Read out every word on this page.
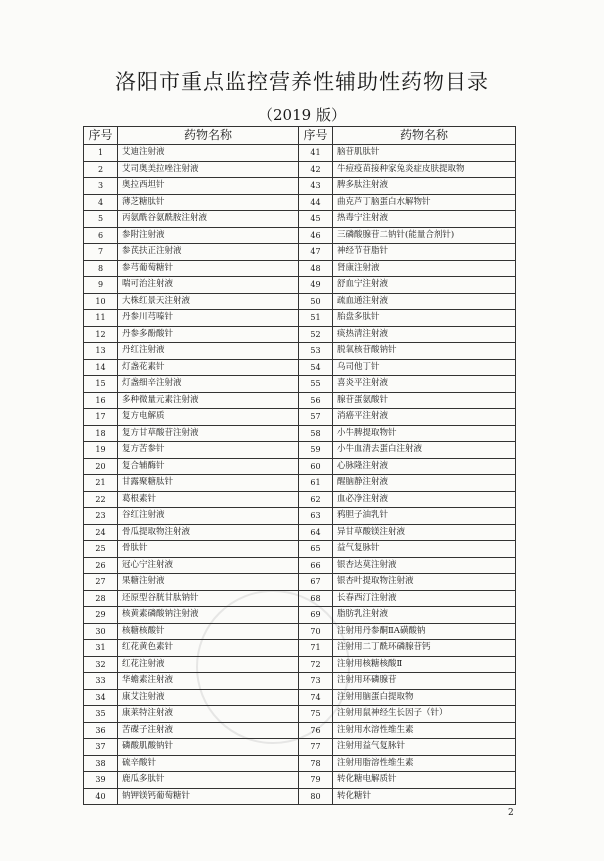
洛阳市重点监控营养性辅助性药物目录
（2019 版）
序号	药物名称	序号	药物名称
1	艾迪注射液	41	脑苷肌肽针
2	艾司奥美拉唑注射液	42	牛痘疫苗接种家兔炎症皮肤提取物
3	奥拉西坦针	43	脾多肽注射液
4	薄芝糖肽针	44	曲克芦丁脑蛋白水解物针
5	丙氨酰谷氨酰胺注射液	45	热毒宁注射液
6	参附注射液	46	三磷酸腺苷二钠针(能量合剂针)
7	参芪扶正注射液	47	神经节苷脂针
8	参芎葡萄糖针	48	肾康注射液
9	喘可治注射液	49	舒血宁注射液
10	大株红景天注射液	50	疏血通注射液
11	丹参川芎嗪针	51	胎盘多肽针
12	丹参多酚酸针	52	痰热清注射液
13	丹红注射液	53	脱氧核苷酸钠针
14	灯盏花素针	54	乌司他丁针
15	灯盏细辛注射液	55	喜炎平注射液
16	多种微量元素注射液	56	腺苷蛋氨酸针
17	复方电解质	57	消癌平注射液
18	复方甘草酸苷注射液	58	小牛脾提取物针
19	复方苦参针	59	小牛血清去蛋白注射液
20	复合辅酶针	60	心脉隆注射液
21	甘露聚糖肽针	61	醒脑静注射液
22	葛根素针	62	血必净注射液
23	谷红注射液	63	鸦胆子油乳针
24	骨瓜提取物注射液	64	异甘草酸镁注射液
25	骨肽针	65	益气复脉针
26	冠心宁注射液	66	银杏达莫注射液
27	果糖注射液	67	银杏叶提取物注射液
28	还原型谷胱甘肽钠针	68	长春西汀注射液
29	核黄素磷酸钠注射液	69	脂肪乳注射液
30	核糖核酸针	70	注射用丹参酮ⅡA磺酸钠
31	红花黄色素针	71	注射用二丁酰环磷腺苷钙
32	红花注射液	72	注射用核糖核酸Ⅱ
33	华蟾素注射液	73	注射用环磷腺苷
34	康艾注射液	74	注射用脑蛋白提取物
35	康莱特注射液	75	注射用鼠神经生长因子（针）
36	苦碟子注射液	76	注射用水溶性维生素
37	磷酸肌酸钠针	77	注射用益气复脉针
38	硫辛酸针	78	注射用脂溶性维生素
39	鹿瓜多肽针	79	转化糖电解质针
40	钠钾镁钙葡萄糖针	80	转化糖针
2
